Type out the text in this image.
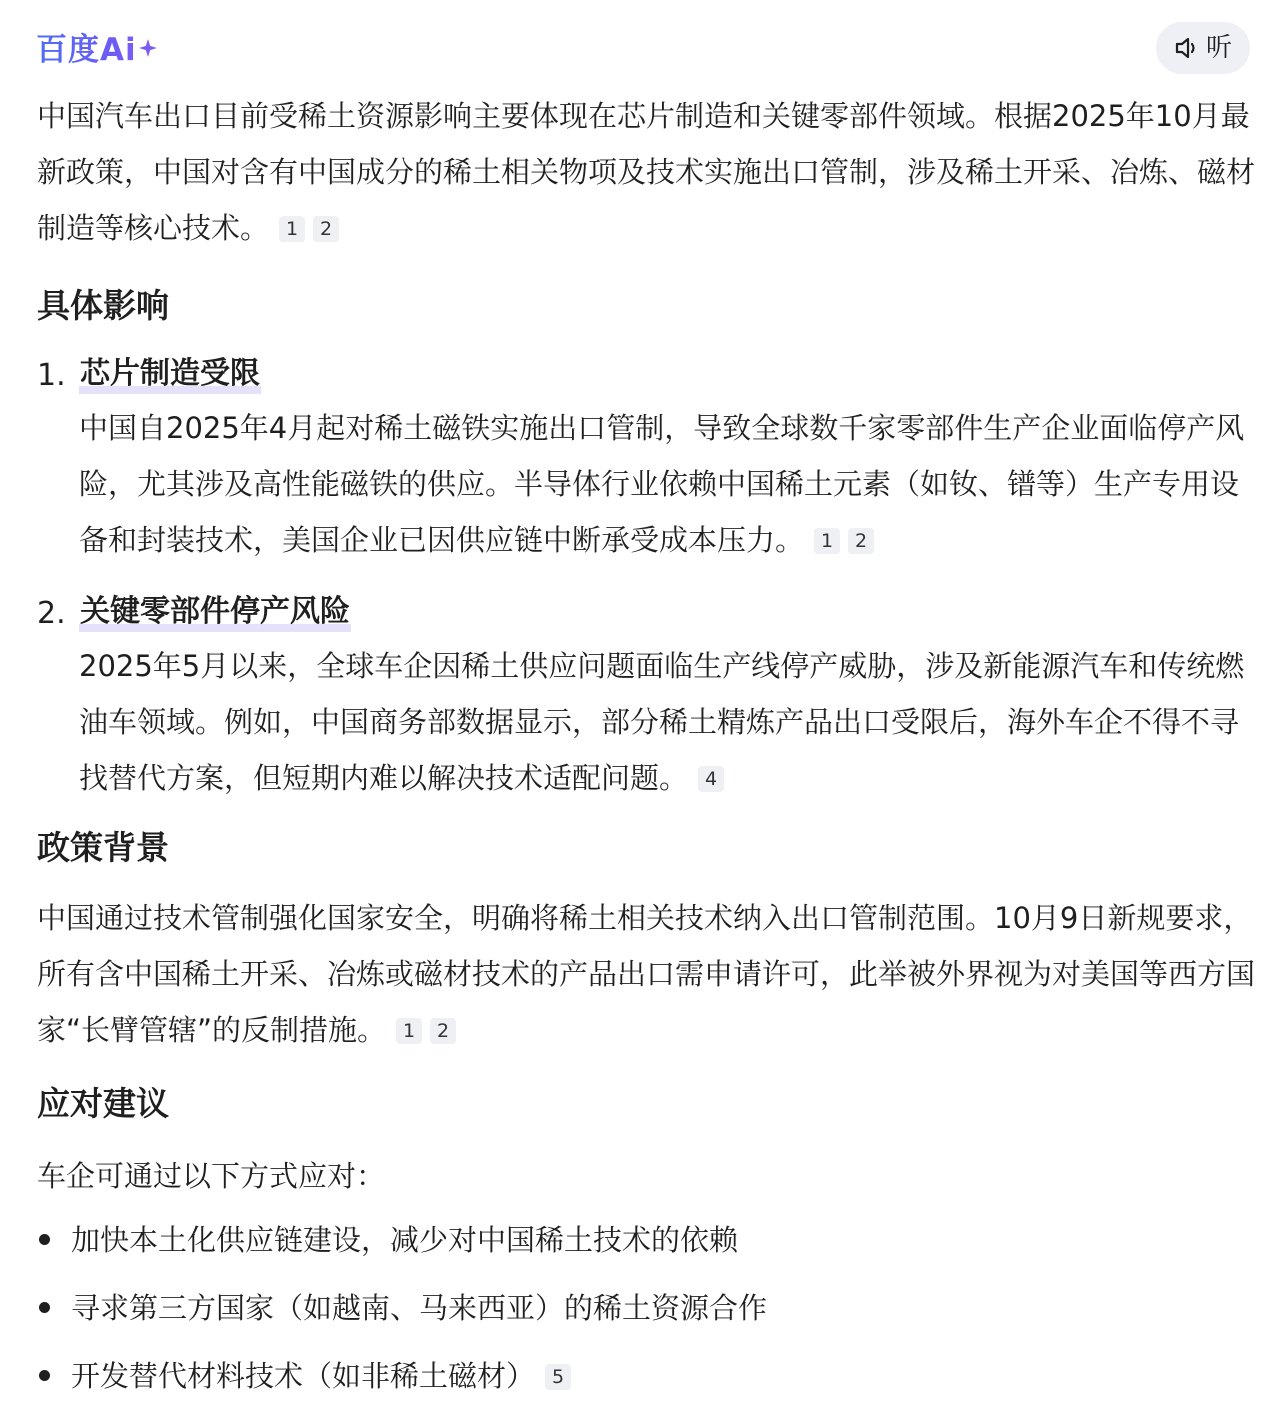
百度Ai	听

中国汽车出口目前受稀土资源影响主要体现在芯片制造和关键零部件领域。根据2025年10月最新政策，中国对含有中国成分的稀土相关物项及技术实施出口管制，涉及稀土开采、冶炼、磁材制造等核心技术。 1 2

具体影响
1. 芯片制造受限
中国自2025年4月起对稀土磁铁实施出口管制，导致全球数千家零部件生产企业面临停产风险，尤其涉及高性能磁铁的供应。半导体行业依赖中国稀土元素（如钕、镨等）生产专用设备和封装技术，美国企业已因供应链中断承受成本压力。 1 2
2. 关键零部件停产风险
2025年5月以来，全球车企因稀土供应问题面临生产线停产威胁，涉及新能源汽车和传统燃油车领域。例如，中国商务部数据显示，部分稀土精炼产品出口受限后，海外车企不得不寻找替代方案，但短期内难以解决技术适配问题。 4
政策背景

中国通过技术管制强化国家安全，明确将稀土相关技术纳入出口管制范围。10月9日新规要求，所有含中国稀土开采、冶炼或磁材技术的产品出口需申请许可，此举被外界视为对美国等西方国家“长臂管辖”的反制措施。 1 2

应对建议

车企可通过以下方式应对：

加快本土化供应链建设，减少对中国稀土技术的依赖
寻求第三方国家（如越南、马来西亚）的稀土资源合作
开发替代材料技术（如非稀土磁材） 5
